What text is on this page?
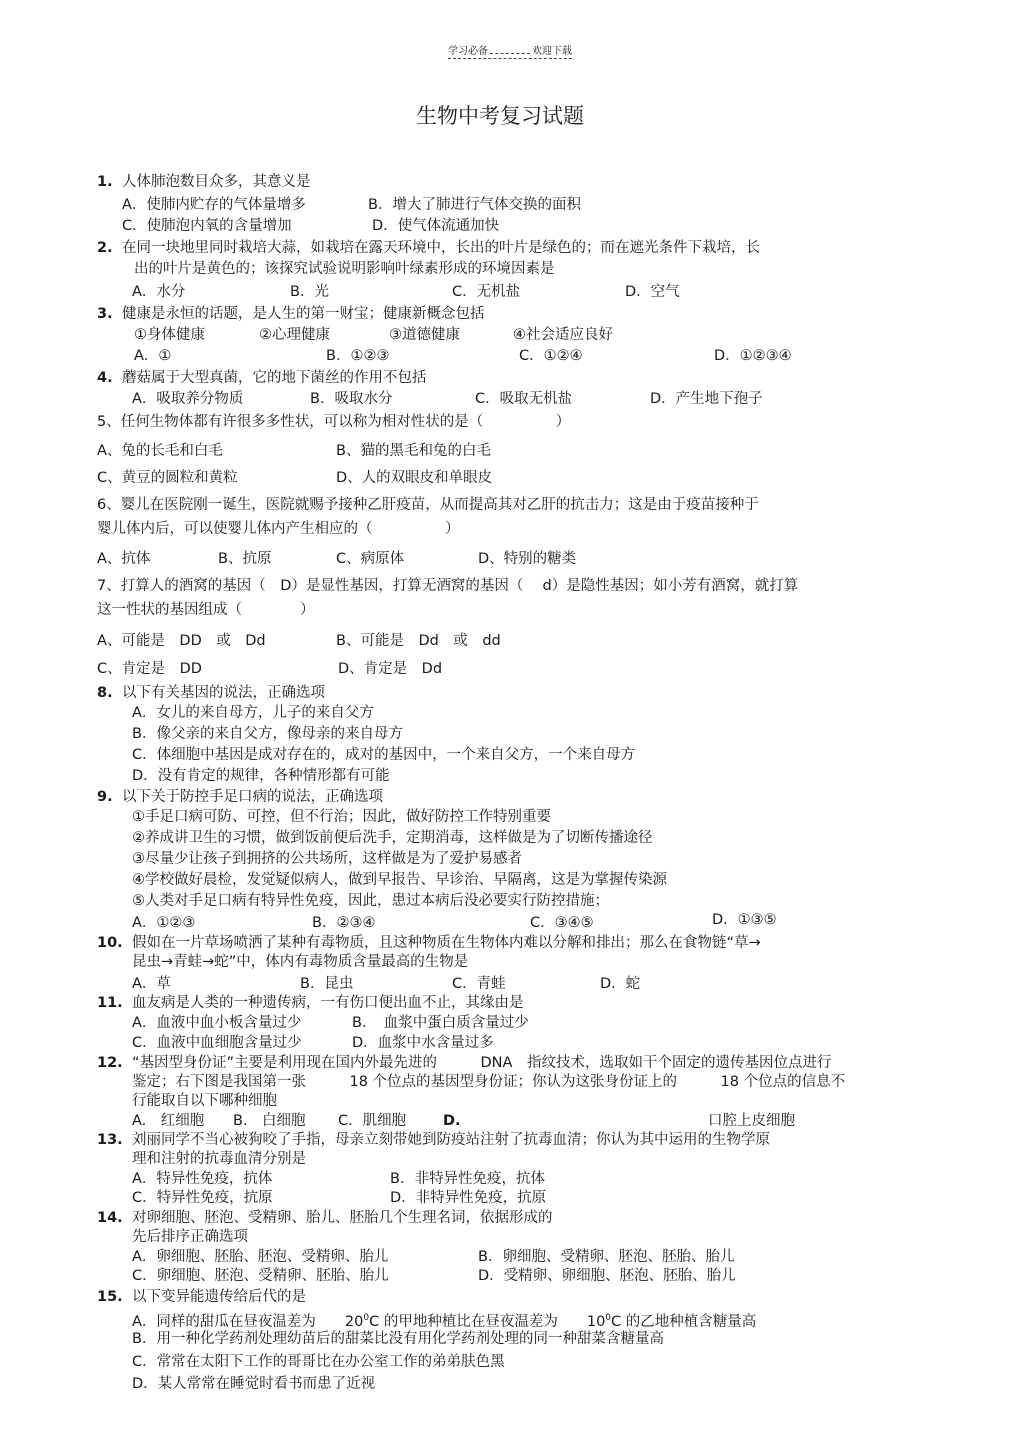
学习必备	欢迎下载
生物中考复习试题
1. 人体肺泡数目众多，其意义是
A．使肺内贮存的气体量增多	B．增大了肺进行气体交换的面积
C．使肺泡内氧的含量增加	D．使气体流通加快
2. 在同一块地里同时栽培大蒜，如栽培在露天环境中，长出的叶片是绿色的；而在遮光条件下栽培，长
出的叶片是黄色的；该探究试验说明影响叶绿素形成的环境因素是
A．水分	B．光	C．无机盐	D．空气
3. 健康是永恒的话题，是人生的第一财宝；健康新概念包括
①身体健康	②心理健康	③道德健康	④社会适应良好
A．①	B．①②③	C．①②④	D．①②③④
4. 蘑菇属于大型真菌，它的地下菌丝的作用不包括
A．吸取养分物质	B．吸取水分	C．吸取无机盐	D．产生地下孢子
5、任何生物体都有许很多多性状，可以称为相对性状的是（　　　　　）
A、兔的长毛和白毛	B、猫的黑毛和兔的白毛
C、黄豆的圆粒和黄粒	D、人的双眼皮和单眼皮
6、婴儿在医院刚一诞生，医院就赐予接种乙肝疫苗，从而提高其对乙肝的抗击力；这是由于疫苗接种于
婴儿体内后，可以使婴儿体内产生相应的（　　　　　）
A、抗体	B、抗原	C、病原体	D、特别的糖类
7、打算人的酒窝的基因（　D）是显性基因，打算无酒窝的基因（　 d）是隐性基因；如小芳有酒窝，就打算
这一性状的基因组成（　　　　）
A、可能是　DD　或　Dd	B、可能是　Dd　或　dd
C、肯定是　DD	D、肯定是　Dd
8. 以下有关基因的说法，正确选项
A．女儿的来自母方，儿子的来自父方
B．像父亲的来自父方，像母亲的来自母方
C．体细胞中基因是成对存在的，成对的基因中，一个来自父方，一个来自母方
D．没有肯定的规律，各种情形都有可能
9. 以下关于防控手足口病的说法，正确选项
①手足口病可防、可控，但不行治；因此，做好防控工作特别重要
②养成讲卫生的习惯，做到饭前便后洗手，定期消毒，这样做是为了切断传播途径
③尽量少让孩子到拥挤的公共场所，这样做是为了爱护易感者
④学校做好晨检，发觉疑似病人，做到早报告、早诊治、早隔离，这是为掌握传染源
⑤人类对手足口病有特异性免疫，因此，患过本病后没必要实行防控措施；
A．①②③	B．②③④	C．③④⑤	D．①③⑤
10. 假如在一片草场喷洒了某种有毒物质，且这种物质在生物体内难以分解和排出；那么在食物链“草→
昆虫→青蛙→蛇”中，体内有毒物质含量最高的生物是
A．草	B．昆虫	C．青蛙	D．蛇
11. 血友病是人类的一种遗传病，一有伤口便出血不止，其缘由是
A．血液中血小板含量过少	B．　血浆中蛋白质含量过少
C．血液中血细胞含量过少	D．血浆中水含量过多
12. “基因型身份证”主要是利用现在国内外最先进的　　　DNA　指纹技术，选取如干个固定的遗传基因位点进行
鉴定；右下图是我国第一张　　　18 个位点的基因型身份证；你认为这张身份证上的　　　18 个位点的信息不
行能取自以下哪种细胞
A.　红细胞 B.　白细胞 C．肌细胞	D.	口腔上皮细胞
13. 刘丽同学不当心被狗咬了手指，母亲立刻带她到防疫站注射了抗毒血清；你认为其中运用的生物学原
理和注射的抗毒血清分别是
A．特异性免疫，抗体	B．非特异性免疫，抗体
C．特异性免疫，抗原	D．非特异性免疫，抗原
14. 对卵细胞、胚泡、受精卵、胎儿、胚胎几个生理名词，依据形成的
先后排序正确选项
A．卵细胞、胚胎、胚泡、受精卵、胎儿	B．卵细胞、受精卵、胚泡、胚胎、胎儿
C．卵细胞、胚泡、受精卵、胚胎、胎儿	D．受精卵、卵细胞、胚泡、胚胎、胎儿
15. 以下变异能遗传给后代的是
A．同样的甜瓜在昼夜温差为　　$20^0C$ 的甲地种植比在昼夜温差为　　$10^0C$ 的乙地种植含糖量高
B．用一种化学药剂处理幼苗后的甜菜比没有用化学药剂处理的同一种甜菜含糖量高
C．常常在太阳下工作的哥哥比在办公室工作的弟弟肤色黑
D．某人常常在睡觉时看书而患了近视
